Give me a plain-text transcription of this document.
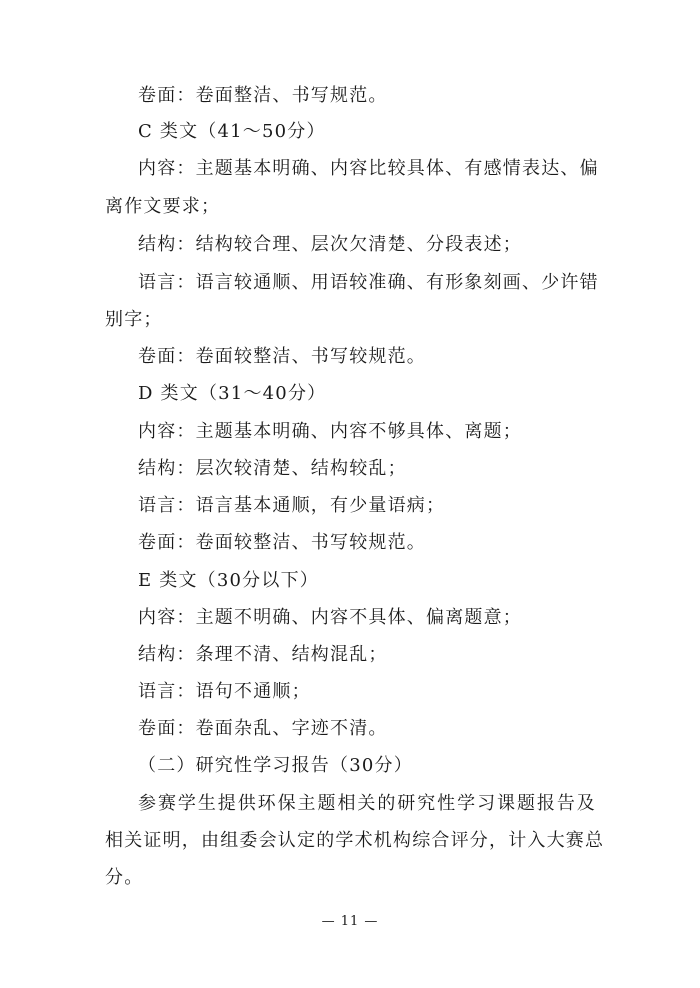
卷面：卷面整洁、书写规范。
C 类文（41～50分）
内容：主题基本明确、内容比较具体、有感情表达、偏
离作文要求；
结构：结构较合理、层次欠清楚、分段表述；
语言：语言较通顺、用语较准确、有形象刻画、少许错
别字；
卷面：卷面较整洁、书写较规范。
D 类文（31～40分）
内容：主题基本明确、内容不够具体、离题；
结构：层次较清楚、结构较乱；
语言：语言基本通顺，有少量语病；
卷面：卷面较整洁、书写较规范。
E 类文（30分以下）
内容：主题不明确、内容不具体、偏离题意；
结构：条理不清、结构混乱；
语言：语句不通顺；
卷面：卷面杂乱、字迹不清。
（二）研究性学习报告（30分）
参赛学生提供环保主题相关的研究性学习课题报告及
相关证明，由组委会认定的学术机构综合评分，计入大赛总
分。
— 11 —
